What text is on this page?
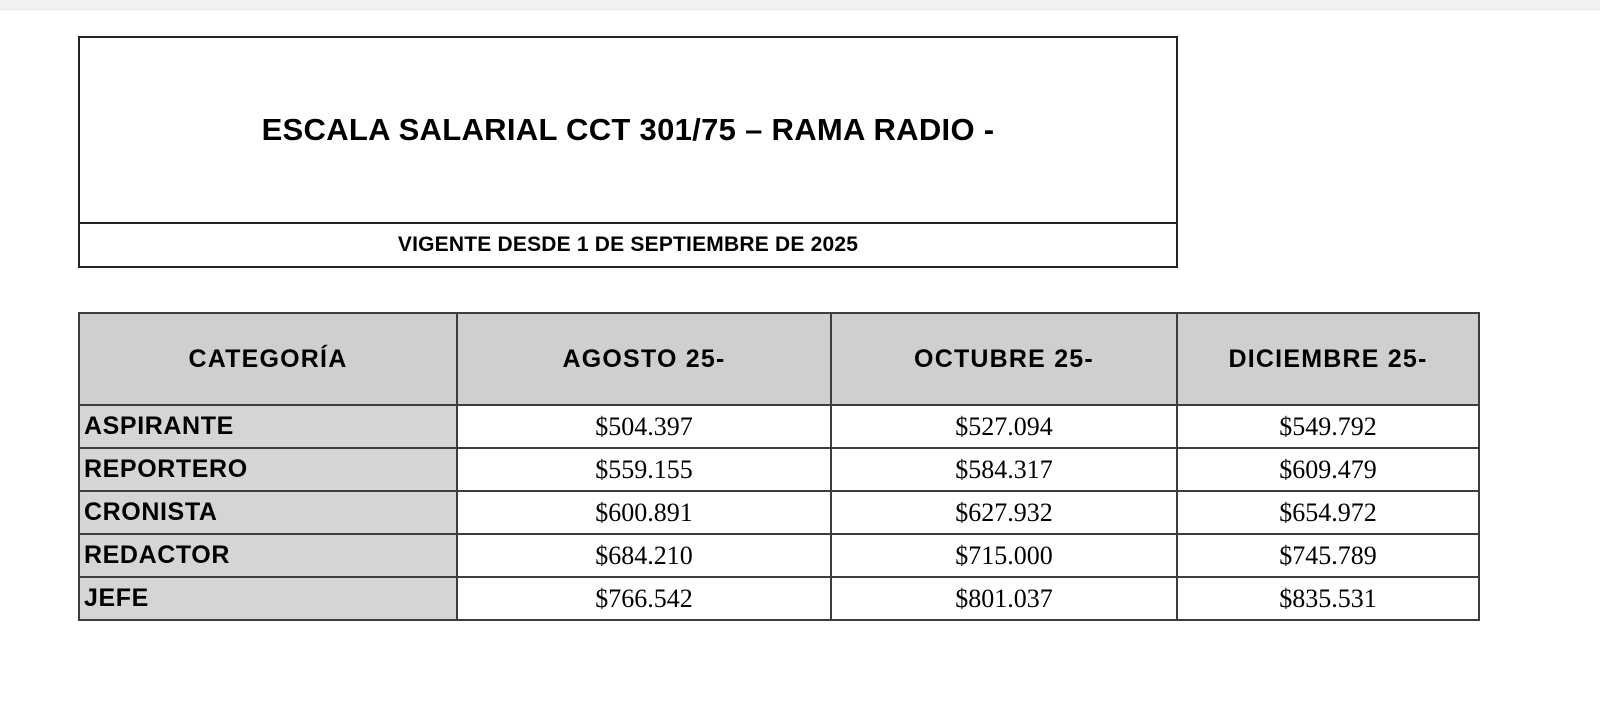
ESCALA SALARIAL CCT 301/75 – RAMA RADIO -
VIGENTE DESDE 1 DE SEPTIEMBRE DE 2025
CATEGORÍA	AGOSTO 25-	OCTUBRE 25-	DICIEMBRE 25-
ASPIRANTE	$504.397	$527.094	$549.792
REPORTERO	$559.155	$584.317	$609.479
CRONISTA	$600.891	$627.932	$654.972
REDACTOR	$684.210	$715.000	$745.789
JEFE	$766.542	$801.037	$835.531
